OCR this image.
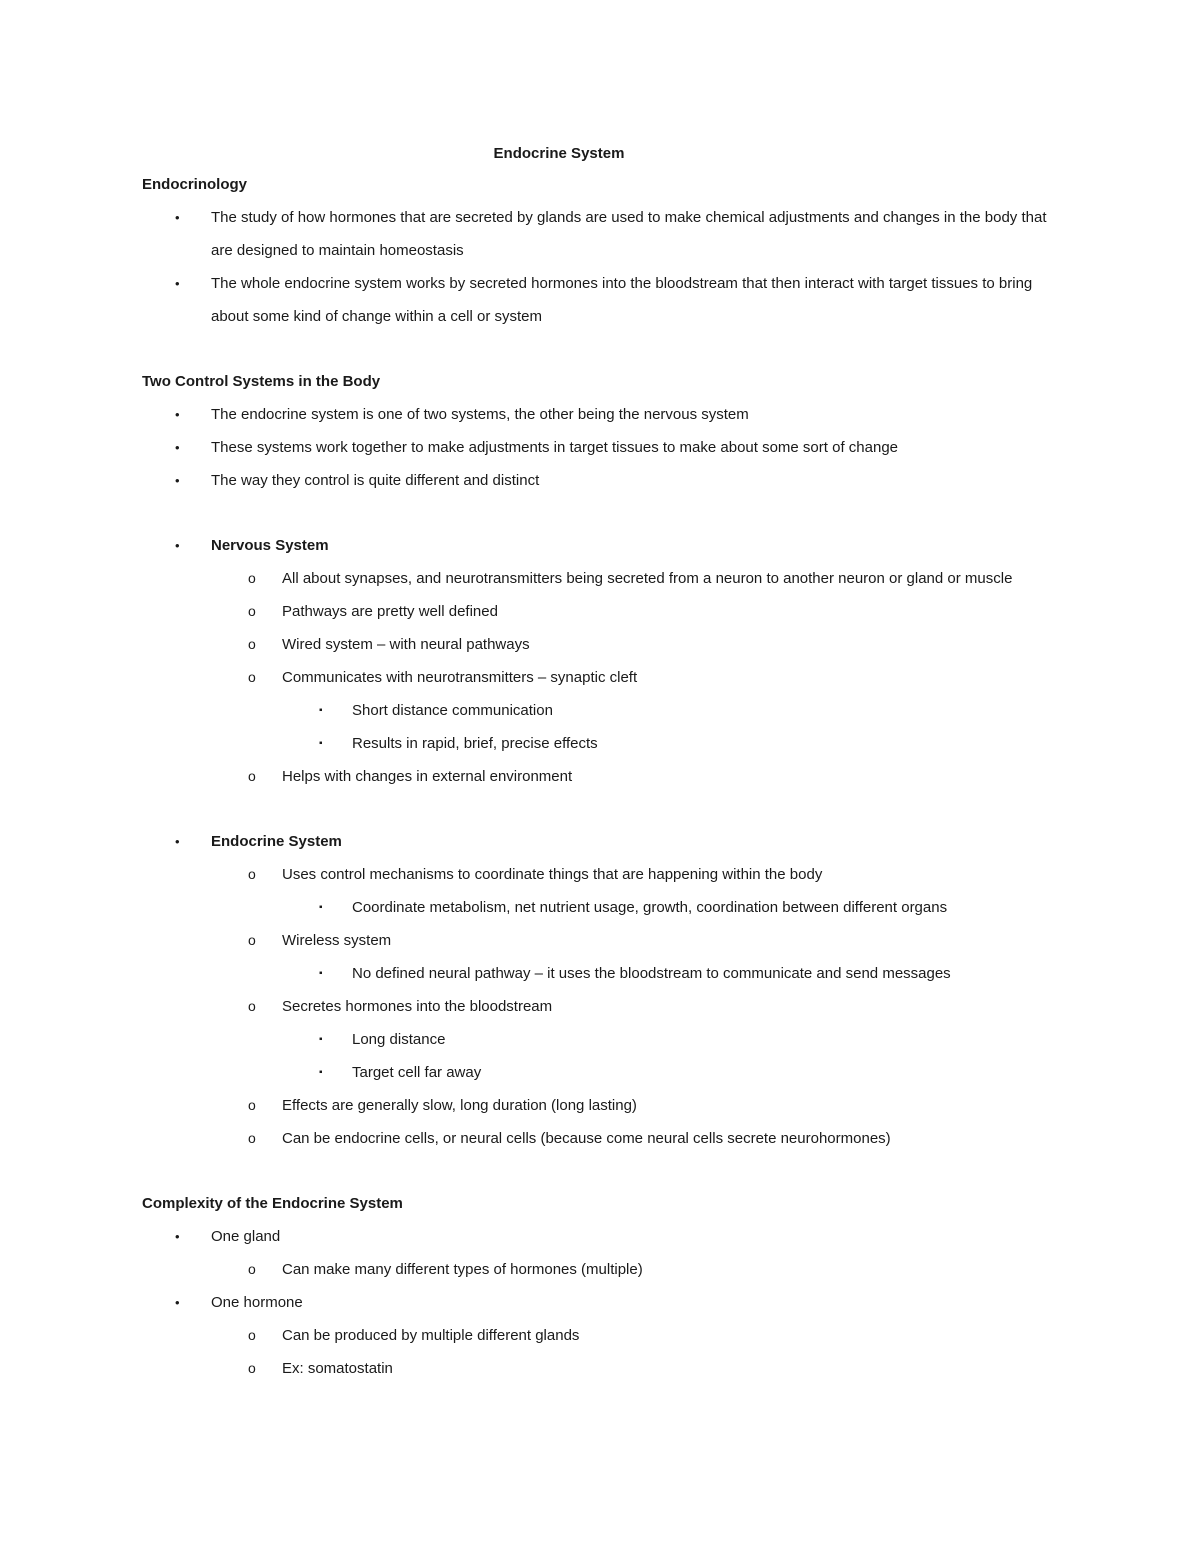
Endocrine System

Endocrinology

• The study of how hormones that are secreted by glands are used to make chemical adjustments and changes in the body that are designed to maintain homeostasis
• The whole endocrine system works by secreted hormones into the bloodstream that then interact with target tissues to bring about some kind of change within a cell or system

Two Control Systems in the Body

• The endocrine system is one of two systems, the other being the nervous system
• These systems work together to make adjustments in target tissues to make about some sort of change
• The way they control is quite different and distinct
• Nervous System
o All about synapses, and neurotransmitters being secreted from a neuron to another neuron or gland or muscle
o Pathways are pretty well defined
o Wired system – with neural pathways
o Communicates with neurotransmitters – synaptic cleft
▪ Short distance communication
▪ Results in rapid, brief, precise effects
o Helps with changes in external environment
• Endocrine System
o Uses control mechanisms to coordinate things that are happening within the body
▪ Coordinate metabolism, net nutrient usage, growth, coordination between different organs
o Wireless system
▪ No defined neural pathway – it uses the bloodstream to communicate and send messages
o Secretes hormones into the bloodstream
▪ Long distance
▪ Target cell far away
o Effects are generally slow, long duration (long lasting)
o Can be endocrine cells, or neural cells (because come neural cells secrete neurohormones)

Complexity of the Endocrine System

• One gland
o Can make many different types of hormones (multiple)
• One hormone
o Can be produced by multiple different glands
o Ex: somatostatin
